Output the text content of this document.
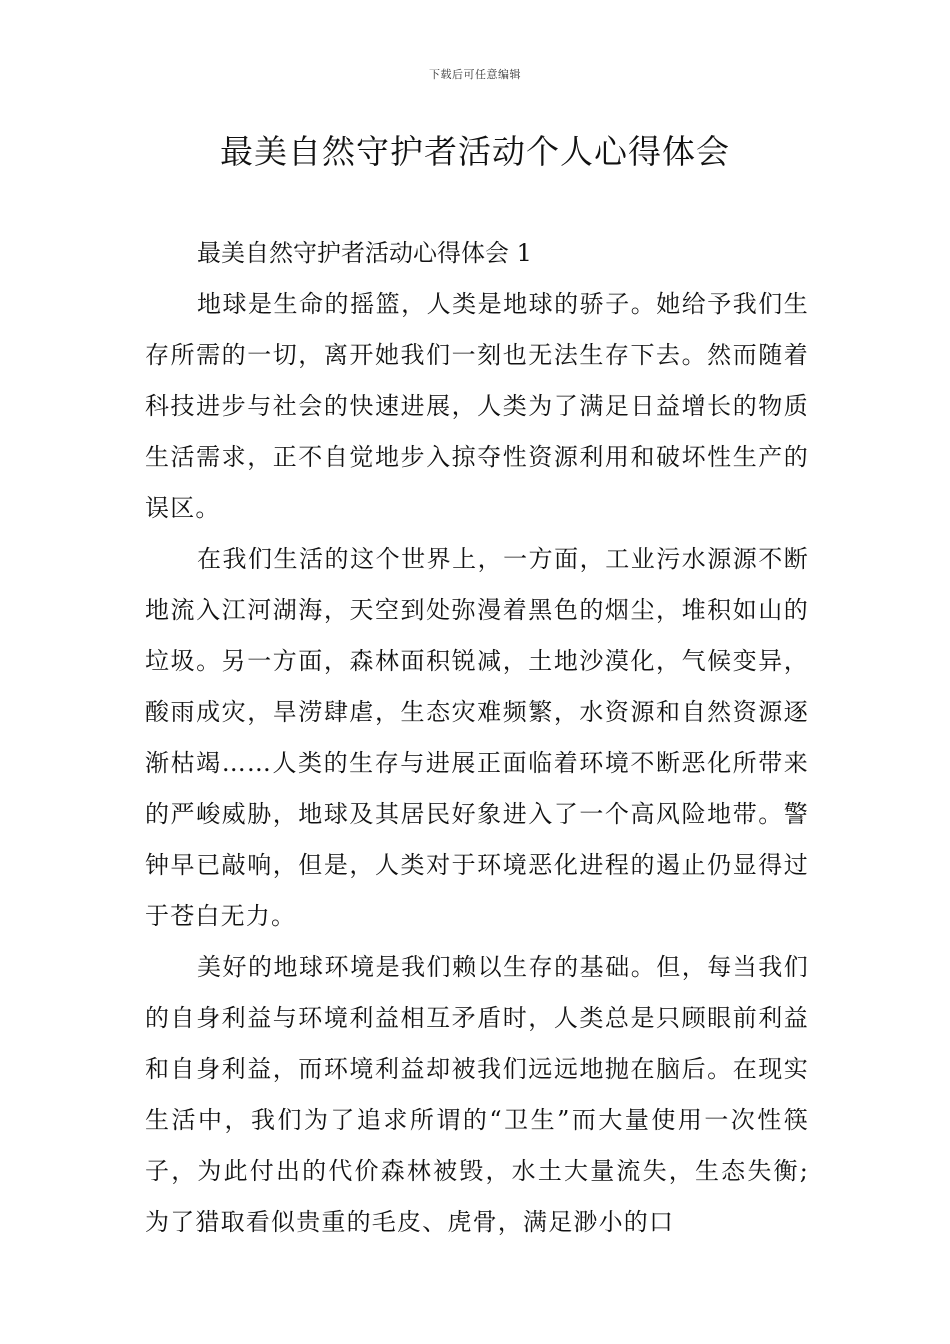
下载后可任意编辑
最美自然守护者活动个人心得体会

最美自然守护者活动心得体会 1

地球是生命的摇篮，人类是地球的骄子。她给予我们生存所需的一切，离开她我们一刻也无法生存下去。然而随着科技进步与社会的快速进展，人类为了满足日益增长的物质生活需求，正不自觉地步入掠夺性资源利用和破坏性生产的误区。

在我们生活的这个世界上，一方面，工业污水源源不断地流入江河湖海，天空到处弥漫着黑色的烟尘，堆积如山的垃圾。另一方面，森林面积锐减，土地沙漠化，气候变异，酸雨成灾，旱涝肆虐，生态灾难频繁，水资源和自然资源逐渐枯竭……人类的生存与进展正面临着环境不断恶化所带来的严峻威胁，地球及其居民好象进入了一个高风险地带。警钟早已敲响，但是，人类对于环境恶化进程的遏止仍显得过于苍白无力。

美好的地球环境是我们赖以生存的基础。但，每当我们的自身利益与环境利益相互矛盾时，人类总是只顾眼前利益和自身利益，而环境利益却被我们远远地抛在脑后。在现实生活中，我们为了追求所谓的“卫生”而大量使用一次性筷子，为此付出的代价森林被毁，水土大量流失，生态失衡;为了猎取看似贵重的毛皮、虎骨，满足渺小的口
